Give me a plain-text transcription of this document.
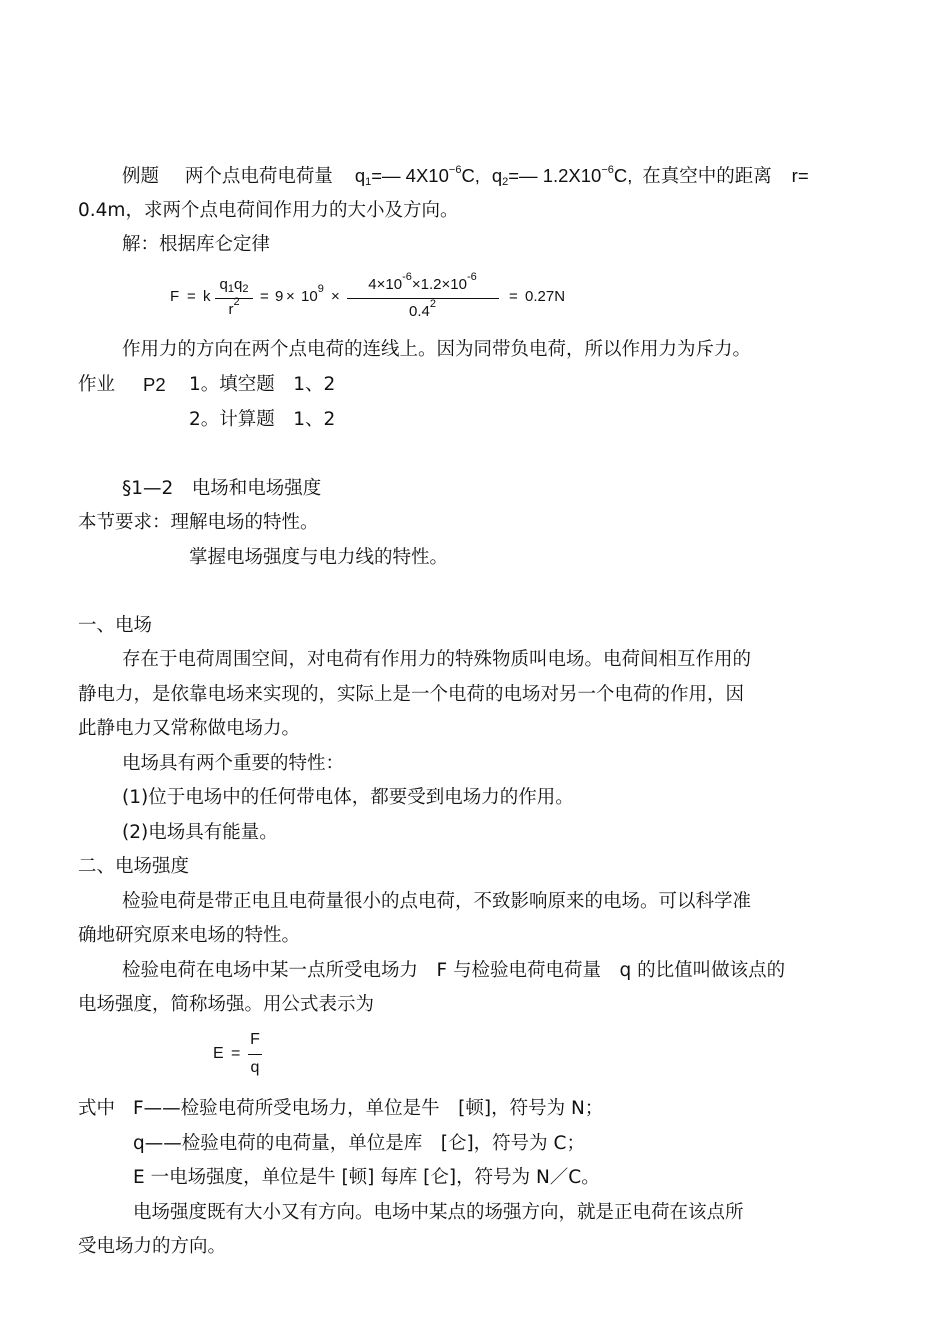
例题 两个点电荷电荷量 q1=— $4X10^{-6}C$, q2=— $1.2X10^{-6}C$, 在真空中的距离 r=
0.4m，求两个点电荷间作用力的大小及方向。
解：根据库仑定律
F = k
$q_1q_2$
$r^2$	= $9 \times 10^9$ ×
$4\times 10^{-6}\times 1.2\times 10^{-6}$
$0.4^2$	= 0.27N
作用力的方向在两个点电荷的连线上。因为同带负电荷，所以作用力为斥力。
作业 P2 1。填空题　1、2
2。计算题　1、2
§1—2　电场和电场强度
本节要求：理解电场的特性。
掌握电场强度与电力线的特性。
一、电场
存在于电荷周围空间，对电荷有作用力的特殊物质叫电场。电荷间相互作用的
静电力，是依靠电场来实现的，实际上是一个电荷的电场对另一个电荷的作用，因
此静电力又常称做电场力。
电场具有两个重要的特性：
(1)位于电场中的任何带电体，都要受到电场力的作用。
(2)电场具有能量。
二、电场强度
检验电荷是带正电且电荷量很小的点电荷，不致影响原来的电场。可以科学准
确地研究原来电场的特性。
检验电荷在电场中某一点所受电场力　F 与检验电荷电荷量　q 的比值叫做该点的
电场强度，简称场强。用公式表示为
E =
F
q
式中 F——检验电荷所受电场力，单位是牛　[顿]，符号为 N；
q——检验电荷的电荷量，单位是库　[仑]，符号为 C；
E 一电场强度，单位是牛 [顿] 每库 [仑]，符号为 N／C。
电场强度既有大小又有方向。电场中某点的场强方向，就是正电荷在该点所
受电场力的方向。
